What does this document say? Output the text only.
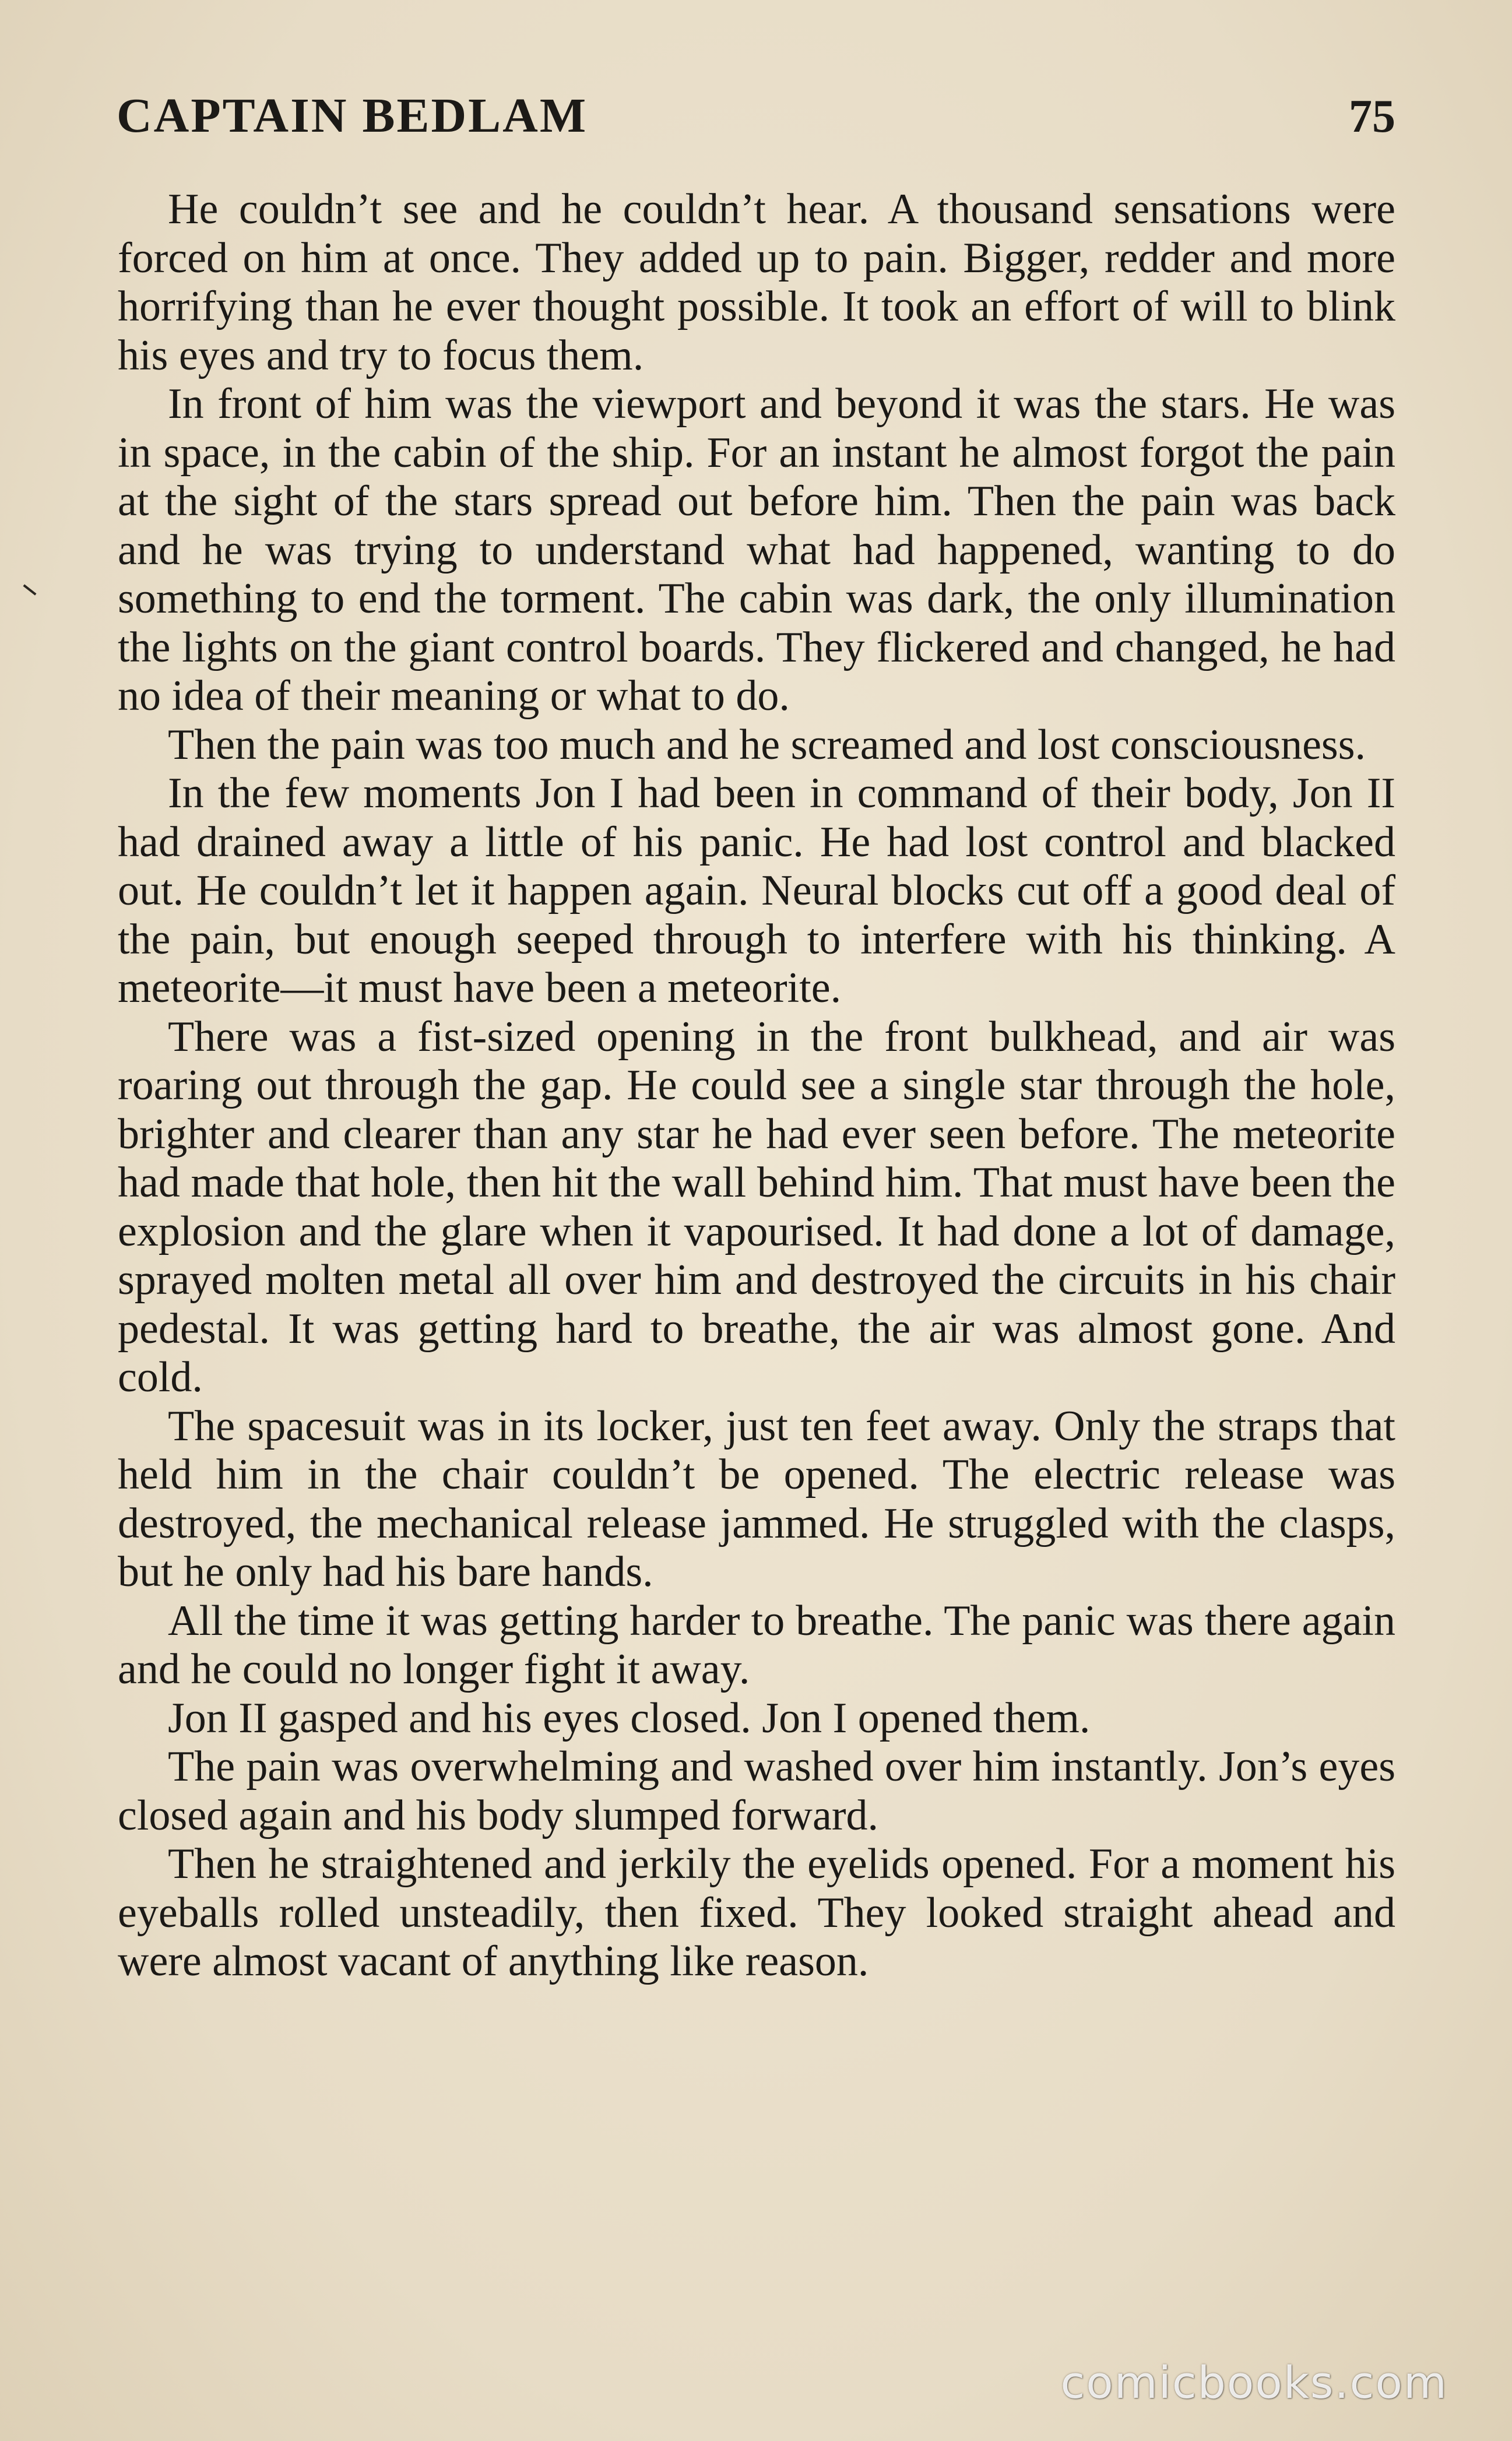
CAPTAIN BEDLAM	75

He couldn’t see and he couldn’t hear. A thousand sensations were forced on him at once. They added up to pain. Bigger, redder and more horrifying than he ever thought possible. It took an effort of will to blink his eyes and try to focus them.

In front of him was the viewport and beyond it was the stars. He was in space, in the cabin of the ship. For an instant he almost forgot the pain at the sight of the stars spread out before him. Then the pain was back and he was trying to understand what had happened, wanting to do something to end the torment. The cabin was dark, the only illumination the lights on the giant control boards. They flickered and changed, he had no idea of their meaning or what to do.

Then the pain was too much and he screamed and lost consciousness.

In the few moments Jon I had been in command of their body, Jon II had drained away a little of his panic. He had lost control and blacked out. He couldn’t let it happen again. Neural blocks cut off a good deal of the pain, but enough seeped through to interfere with his thinking. A meteorite—it must have been a meteorite.

There was a fist-sized opening in the front bulkhead, and air was roaring out through the gap. He could see a single star through the hole, brighter and clearer than any star he had ever seen before. The meteorite had made that hole, then hit the wall behind him. That must have been the explosion and the glare when it vapourised. It had done a lot of damage, sprayed molten metal all over him and destroyed the circuits in his chair pedestal. It was getting hard to breathe, the air was almost gone. And cold.

The spacesuit was in its locker, just ten feet away. Only the straps that held him in the chair couldn’t be opened. The electric release was destroyed, the mechanical release jammed. He struggled with the clasps, but he only had his bare hands.

All the time it was getting harder to breathe. The panic was there again and he could no longer fight it away.

Jon II gasped and his eyes closed. Jon I opened them.

The pain was overwhelming and washed over him instantly. Jon’s eyes closed again and his body slumped forward.

Then he straightened and jerkily the eyelids opened. For a moment his eyeballs rolled unsteadily, then fixed. They looked straight ahead and were almost vacant of anything like reason.

comicbooks.com
